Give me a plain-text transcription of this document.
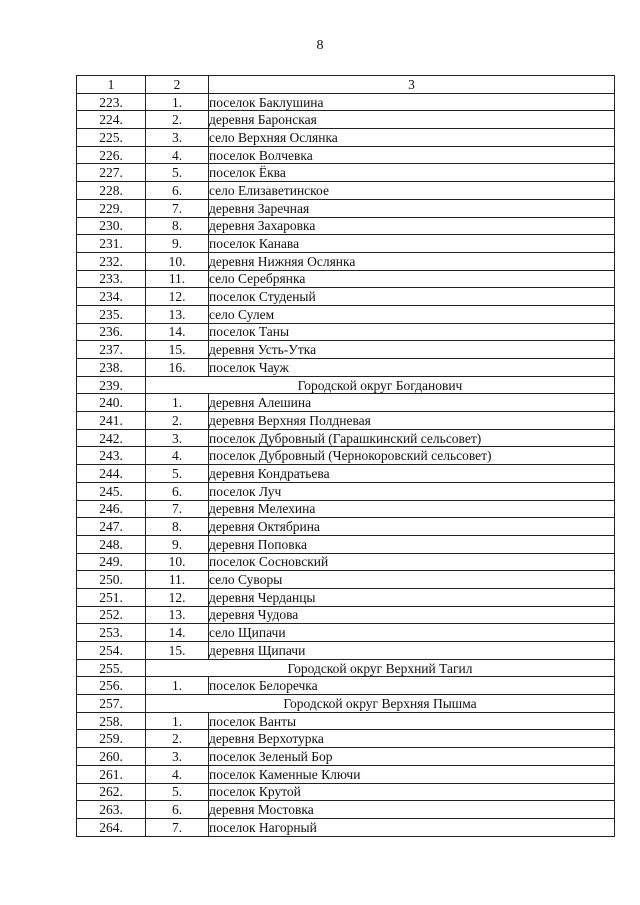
8
1	2	3
223.	1.	поселок Баклушина
224.	2.	деревня Баронская
225.	3.	село Верхняя Ослянка
226.	4.	поселок Волчевка
227.	5.	поселок Ёква
228.	6.	село Елизаветинское
229.	7.	деревня Заречная
230.	8.	деревня Захаровка
231.	9.	поселок Канава
232.	10.	деревня Нижняя Ослянка
233.	11.	село Серебрянка
234.	12.	поселок Студеный
235.	13.	село Сулем
236.	14.	поселок Таны
237.	15.	деревня Усть-Утка
238.	16.	поселок Чауж
239.	Городской округ Богданович	
240.	1.	деревня Алешина
241.	2.	деревня Верхняя Полдневая
242.	3.	поселок Дубровный (Гарашкинский сельсовет)
243.	4.	поселок Дубровный (Чернокоровский сельсовет)
244.	5.	деревня Кондратьева
245.	6.	поселок Луч
246.	7.	деревня Мелехина
247.	8.	деревня Октябрина
248.	9.	деревня Поповка
249.	10.	поселок Сосновский
250.	11.	село Суворы
251.	12.	деревня Черданцы
252.	13.	деревня Чудова
253.	14.	село Щипачи
254.	15.	деревня Щипачи
255.	Городской округ Верхний Тагил	
256.	1.	поселок Белоречка
257.	Городской округ Верхняя Пышма	
258.	1.	поселок Ванты
259.	2.	деревня Верхотурка
260.	3.	поселок Зеленый Бор
261.	4.	поселок Каменные Ключи
262.	5.	поселок Крутой
263.	6.	деревня Мостовка
264.	7.	поселок Нагорный
